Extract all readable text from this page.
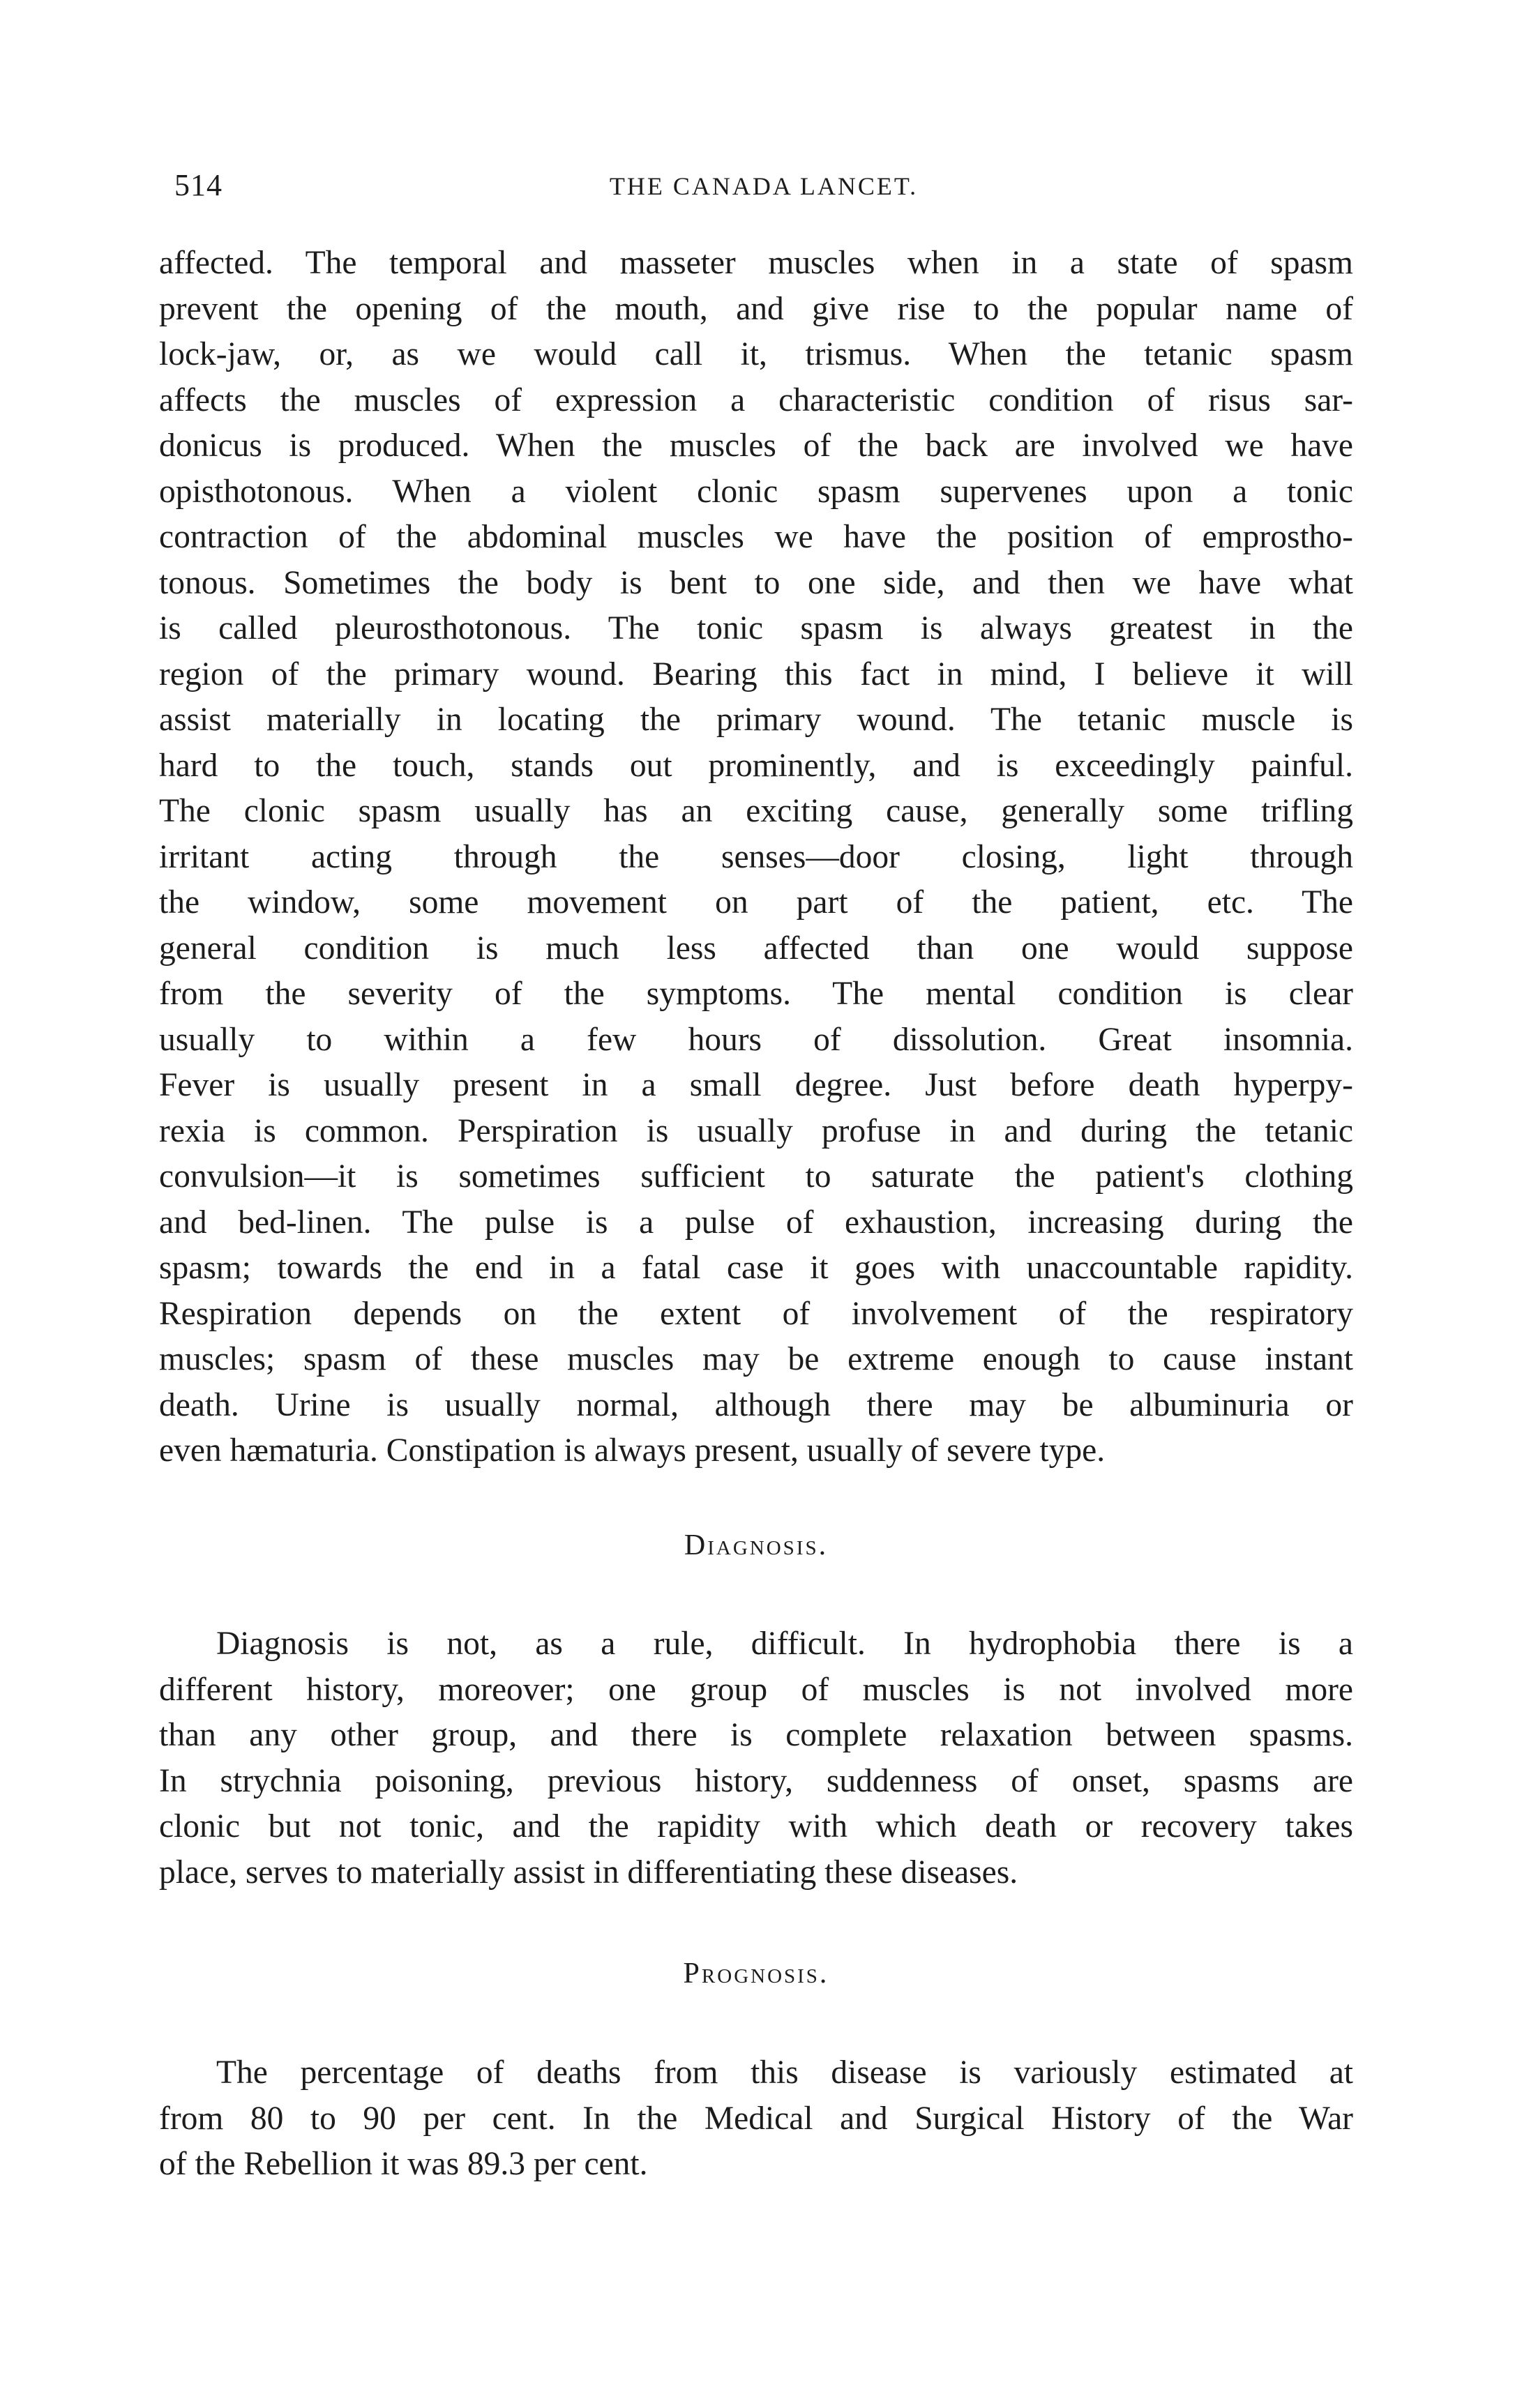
514	THE CANADA LANCET.
affected. The temporal and masseter muscles when in a state of spasm
prevent the opening of the mouth, and give rise to the popular name of
lock-jaw, or, as we would call it, trismus. When the tetanic spasm
affects the muscles of expression a characteristic condition of risus sar-
donicus is produced. When the muscles of the back are involved we have
opisthotonous. When a violent clonic spasm supervenes upon a tonic
contraction of the abdominal muscles we have the position of emprostho-
tonous. Sometimes the body is bent to one side, and then we have what
is called pleurosthotonous. The tonic spasm is always greatest in the
region of the primary wound. Bearing this fact in mind, I believe it will
assist materially in locating the primary wound. The tetanic muscle is
hard to the touch, stands out prominently, and is exceedingly painful.
The clonic spasm usually has an exciting cause, generally some trifling
irritant acting through the senses—door closing, light through
the window, some movement on part of the patient, etc. The
general condition is much less affected than one would suppose
from the severity of the symptoms. The mental condition is clear
usually to within a few hours of dissolution. Great insomnia.
Fever is usually present in a small degree. Just before death hyperpy-
rexia is common. Perspiration is usually profuse in and during the tetanic
convulsion—it is sometimes sufficient to saturate the patient's clothing
and bed-linen. The pulse is a pulse of exhaustion, increasing during the
spasm; towards the end in a fatal case it goes with unaccountable rapidity.
Respiration depends on the extent of involvement of the respiratory
muscles; spasm of these muscles may be extreme enough to cause instant
death. Urine is usually normal, although there may be albuminuria or
even hæmaturia. Constipation is always present, usually of severe type.
Diagnosis.
Diagnosis is not, as a rule, difficult. In hydrophobia there is a
different history, moreover; one group of muscles is not involved more
than any other group, and there is complete relaxation between spasms.
In strychnia poisoning, previous history, suddenness of onset, spasms are
clonic but not tonic, and the rapidity with which death or recovery takes
place, serves to materially assist in differentiating these diseases.
Prognosis.
The percentage of deaths from this disease is variously estimated at
from 80 to 90 per cent. In the Medical and Surgical History of the War
of the Rebellion it was 89.3 per cent.
